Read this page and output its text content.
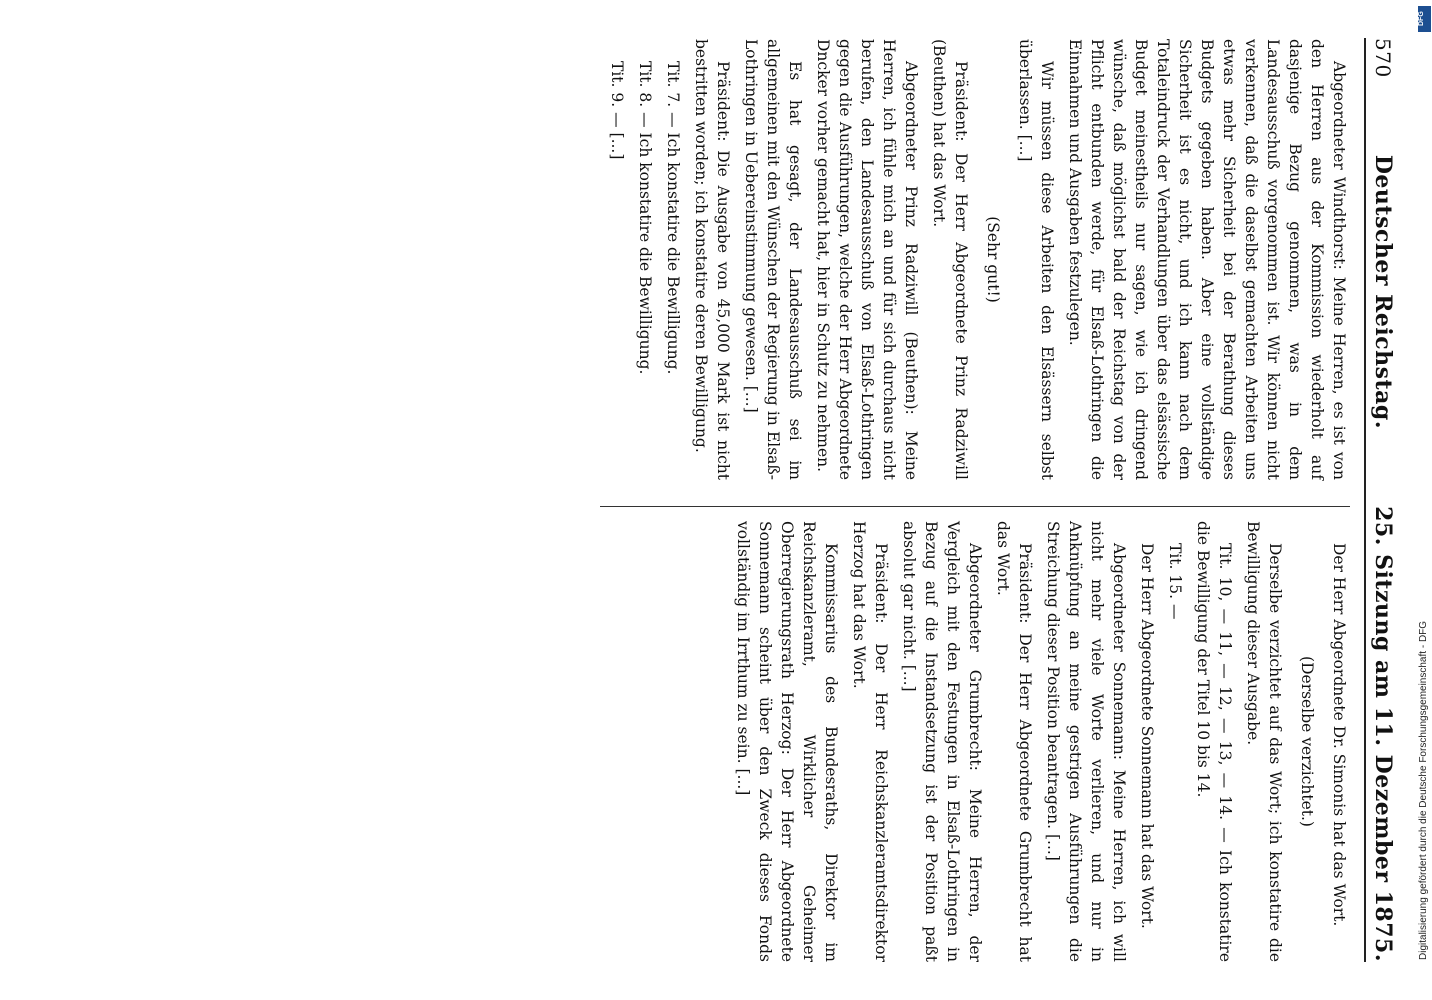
570
Deutscher Reichstag.
25. Sitzung am 11. Dezember 1875.

Abgeordneter Windthorst: Meine Herren, es ist von den Herren aus der Kommission wiederholt auf dasjenige Bezug genommen, was in dem Landesausschuß vorgenommen ist. Wir können nicht verkennen, daß die daselbst gemachten Arbeiten uns etwas mehr Sicherheit bei der Berathung dieses Budgets gegeben haben. Aber eine vollständige Sicherheit ist es nicht, und ich kann nach dem Totaleindruck der Verhandlungen über das elsässische Budget meinestheils nur sagen, wie ich dringend wünsche, daß möglichst bald der Reichstag von der Pflicht entbunden werde, für Elsaß-Lothringen die Einnahmen und Ausgaben festzulegen.

Wir müssen diese Arbeiten den Elsässern selbst überlassen. [...]

(Sehr gut!)

Präsident: Der Herr Abgeordnete Prinz Radziwill (Beuthen) hat das Wort.

Abgeordneter Prinz Radziwill (Beuthen): Meine Herren, ich fühle mich an und für sich durchaus nicht berufen, den Landesausschuß von Elsaß-Lothringen gegen die Ausführungen, welche der Herr Abgeordnete Dncker vorher gemacht hat, hier in Schutz zu nehmen.

Es hat gesagt, der Landesausschuß sei im allgemeinen mit den Wünschen der Regierung in Elsaß-Lothringen in Uebereinstimmung gewesen. [...]

Präsident: Die Ausgabe von 45,000 Mark ist nicht bestritten worden; ich konstatire deren Bewilligung.

Tit. 7. — Ich konstatire die Bewilligung.

Tit. 8. — Ich konstatire die Bewilligung.

Tit. 9. — [...]

Der Herr Abgeordnete Dr. Simonis hat das Wort.

(Derselbe verzichtet.)

Derselbe verzichtet auf das Wort; ich konstatire die Bewilligung dieser Ausgabe.

Tit. 10, — 11, — 12, — 13, — 14. — Ich konstatire die Bewilligung der Titel 10 bis 14.

Tit. 15. —

Der Herr Abgeordnete Sonnemann hat das Wort.

Abgeordneter Sonnemann: Meine Herren, ich will nicht mehr viele Worte verlieren, und nur in Anknüpfung an meine gestrigen Ausführungen die Streichung dieser Position beantragen. [...]

Präsident: Der Herr Abgeordnete Grumbrecht hat das Wort.

Abgeordneter Grumbrecht: Meine Herren, der Vergleich mit den Festungen in Elsaß-Lothringen in Bezug auf die Instandsetzung ist der Position paßt absolut gar nicht. [...]

Präsident: Der Herr Reichskanzleramtsdirektor Herzog hat das Wort.

Kommissarius des Bundesraths, Direktor im Reichskanzleramt, Wirklicher Geheimer Oberregierungsrath Herzog: Der Herr Abgeordnete Sonnemann scheint über den Zweck dieses Fonds vollständig im Irrthum zu sein. [...]

DFG
Digitalisierung gefördert durch die Deutsche Forschungsgemeinschaft - DFG
